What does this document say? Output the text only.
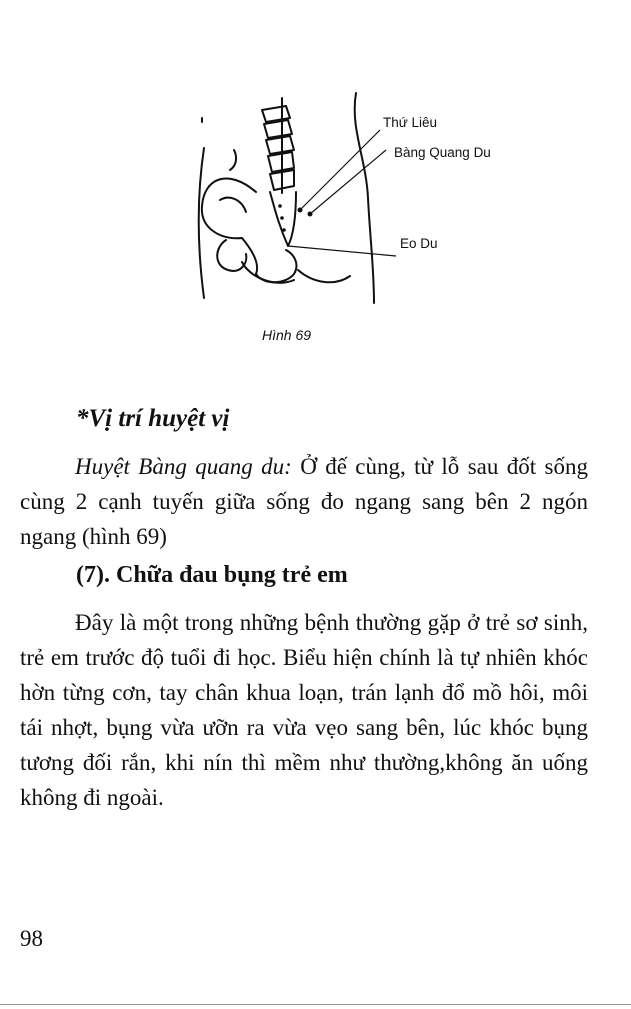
Thứ Liêu
Bàng Quang Du
Eo Du
Hình 69
*Vị trí huyệt vị

Huyệt Bàng quang du: Ở đế cùng, từ lỗ sau đốt sống cùng 2 cạnh tuyến giữa sống đo ngang sang bên 2 ngón ngang (hình 69)

(7). Chữa đau bụng trẻ em

Đây là một trong những bệnh thường gặp ở trẻ sơ sinh, trẻ em trước độ tuổi đi học. Biểu hiện chính là tự nhiên khóc hờn từng cơn, tay chân khua loạn, trán lạnh đổ mồ hôi, môi tái nhợt, bụng vừa ưỡn ra vừa vẹo sang bên, lúc khóc bụng tương đối rắn, khi nín thì mềm như thường,không ăn uống không đi ngoài.

98
